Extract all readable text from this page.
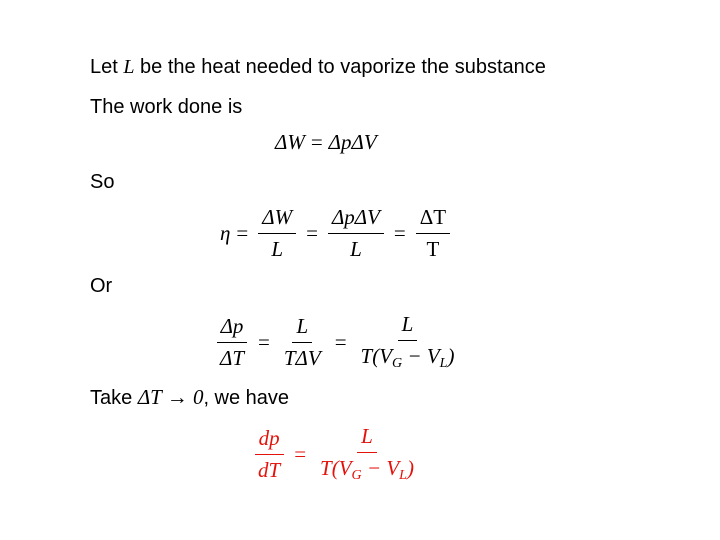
Let L be the heat needed to vaporize the substance
The work done is
ΔW = ΔpΔV
So
$\eta = \frac{\Delta W}{L} = \frac{\text{ΔpΔV}}{L} = \frac{\Delta T}{T}$
Or
$\frac{\Delta p}{\Delta T} = \frac{L}{\text{TΔV}} = \frac{L}{T(V_G - V_L)}$
Take ΔT → 0, we have
$\frac{dp}{dT} = \frac{L}{T(V_G - V_L)}$
